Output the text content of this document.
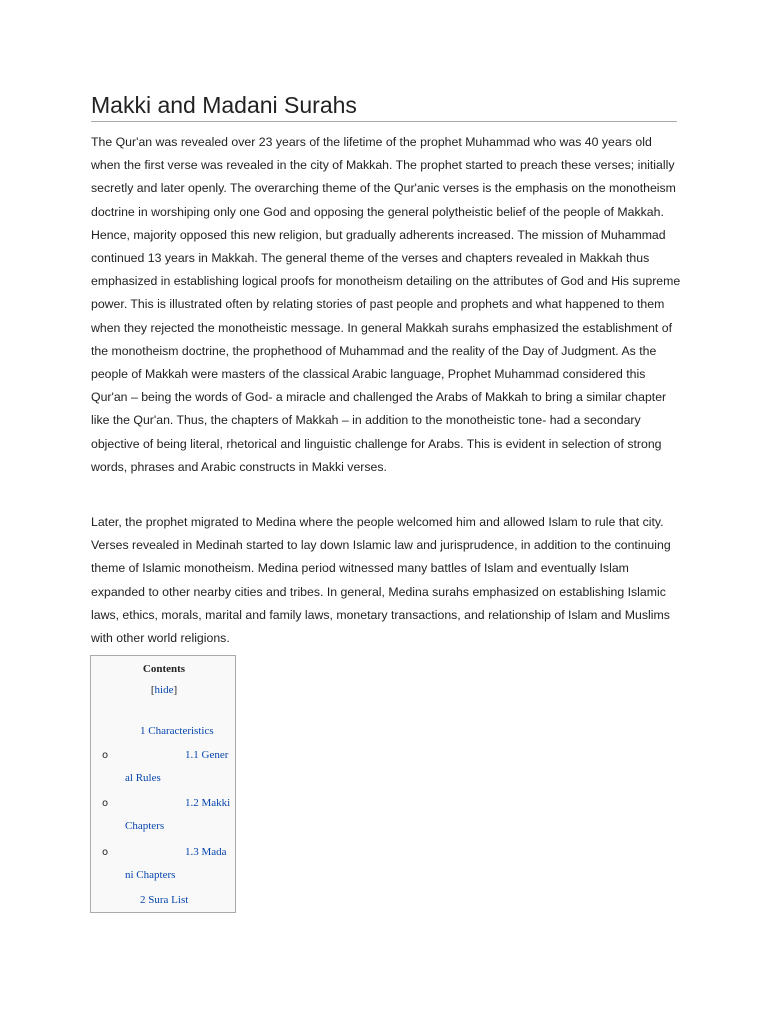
Makki and Madani Surahs

The Qur'an was revealed over 23 years of the lifetime of the prophet Muhammad who was 40 years old when the first verse was revealed in the city of Makkah. The prophet started to preach these verses; initially secretly and later openly. The overarching theme of the Qur'anic verses is the emphasis on the monotheism doctrine in worshiping only one God and opposing the general polytheistic belief of the people of Makkah. Hence, majority opposed this new religion, but gradually adherents increased. The mission of Muhammad continued 13 years in Makkah. The general theme of the verses and chapters revealed in Makkah thus emphasized in establishing logical proofs for monotheism detailing on the attributes of God and His supreme power. This is illustrated often by relating stories of past people and prophets and what happened to them when they rejected the monotheistic message. In general Makkah surahs emphasized the establishment of the monotheism doctrine, the prophethood of Muhammad and the reality of the Day of Judgment. As the people of Makkah were masters of the classical Arabic language, Prophet Muhammad considered this Qur'an – being the words of God- a miracle and challenged the Arabs of Makkah to bring a similar chapter like the Qur'an. Thus, the chapters of Makkah – in addition to the monotheistic tone- had a secondary objective of being literal, rhetorical and linguistic challenge for Arabs. This is evident in selection of strong words, phrases and Arabic constructs in Makki verses.

Later, the prophet migrated to Medina where the people welcomed him and allowed Islam to rule that city. Verses revealed in Medinah started to lay down Islamic law and jurisprudence, in addition to the continuing theme of Islamic monotheism. Medina period witnessed many battles of Islam and eventually Islam expanded to other nearby cities and tribes. In general, Medina surahs emphasized on establishing Islamic laws, ethics, morals, marital and family laws, monetary transactions, and relationship of Islam and Muslims with other world religions.

Contents
[hide]
1 Characteristics
o	1.1 Gener
al Rules
o	1.2 Makki
Chapters
o	1.3 Mada
ni Chapters
2 Sura List
